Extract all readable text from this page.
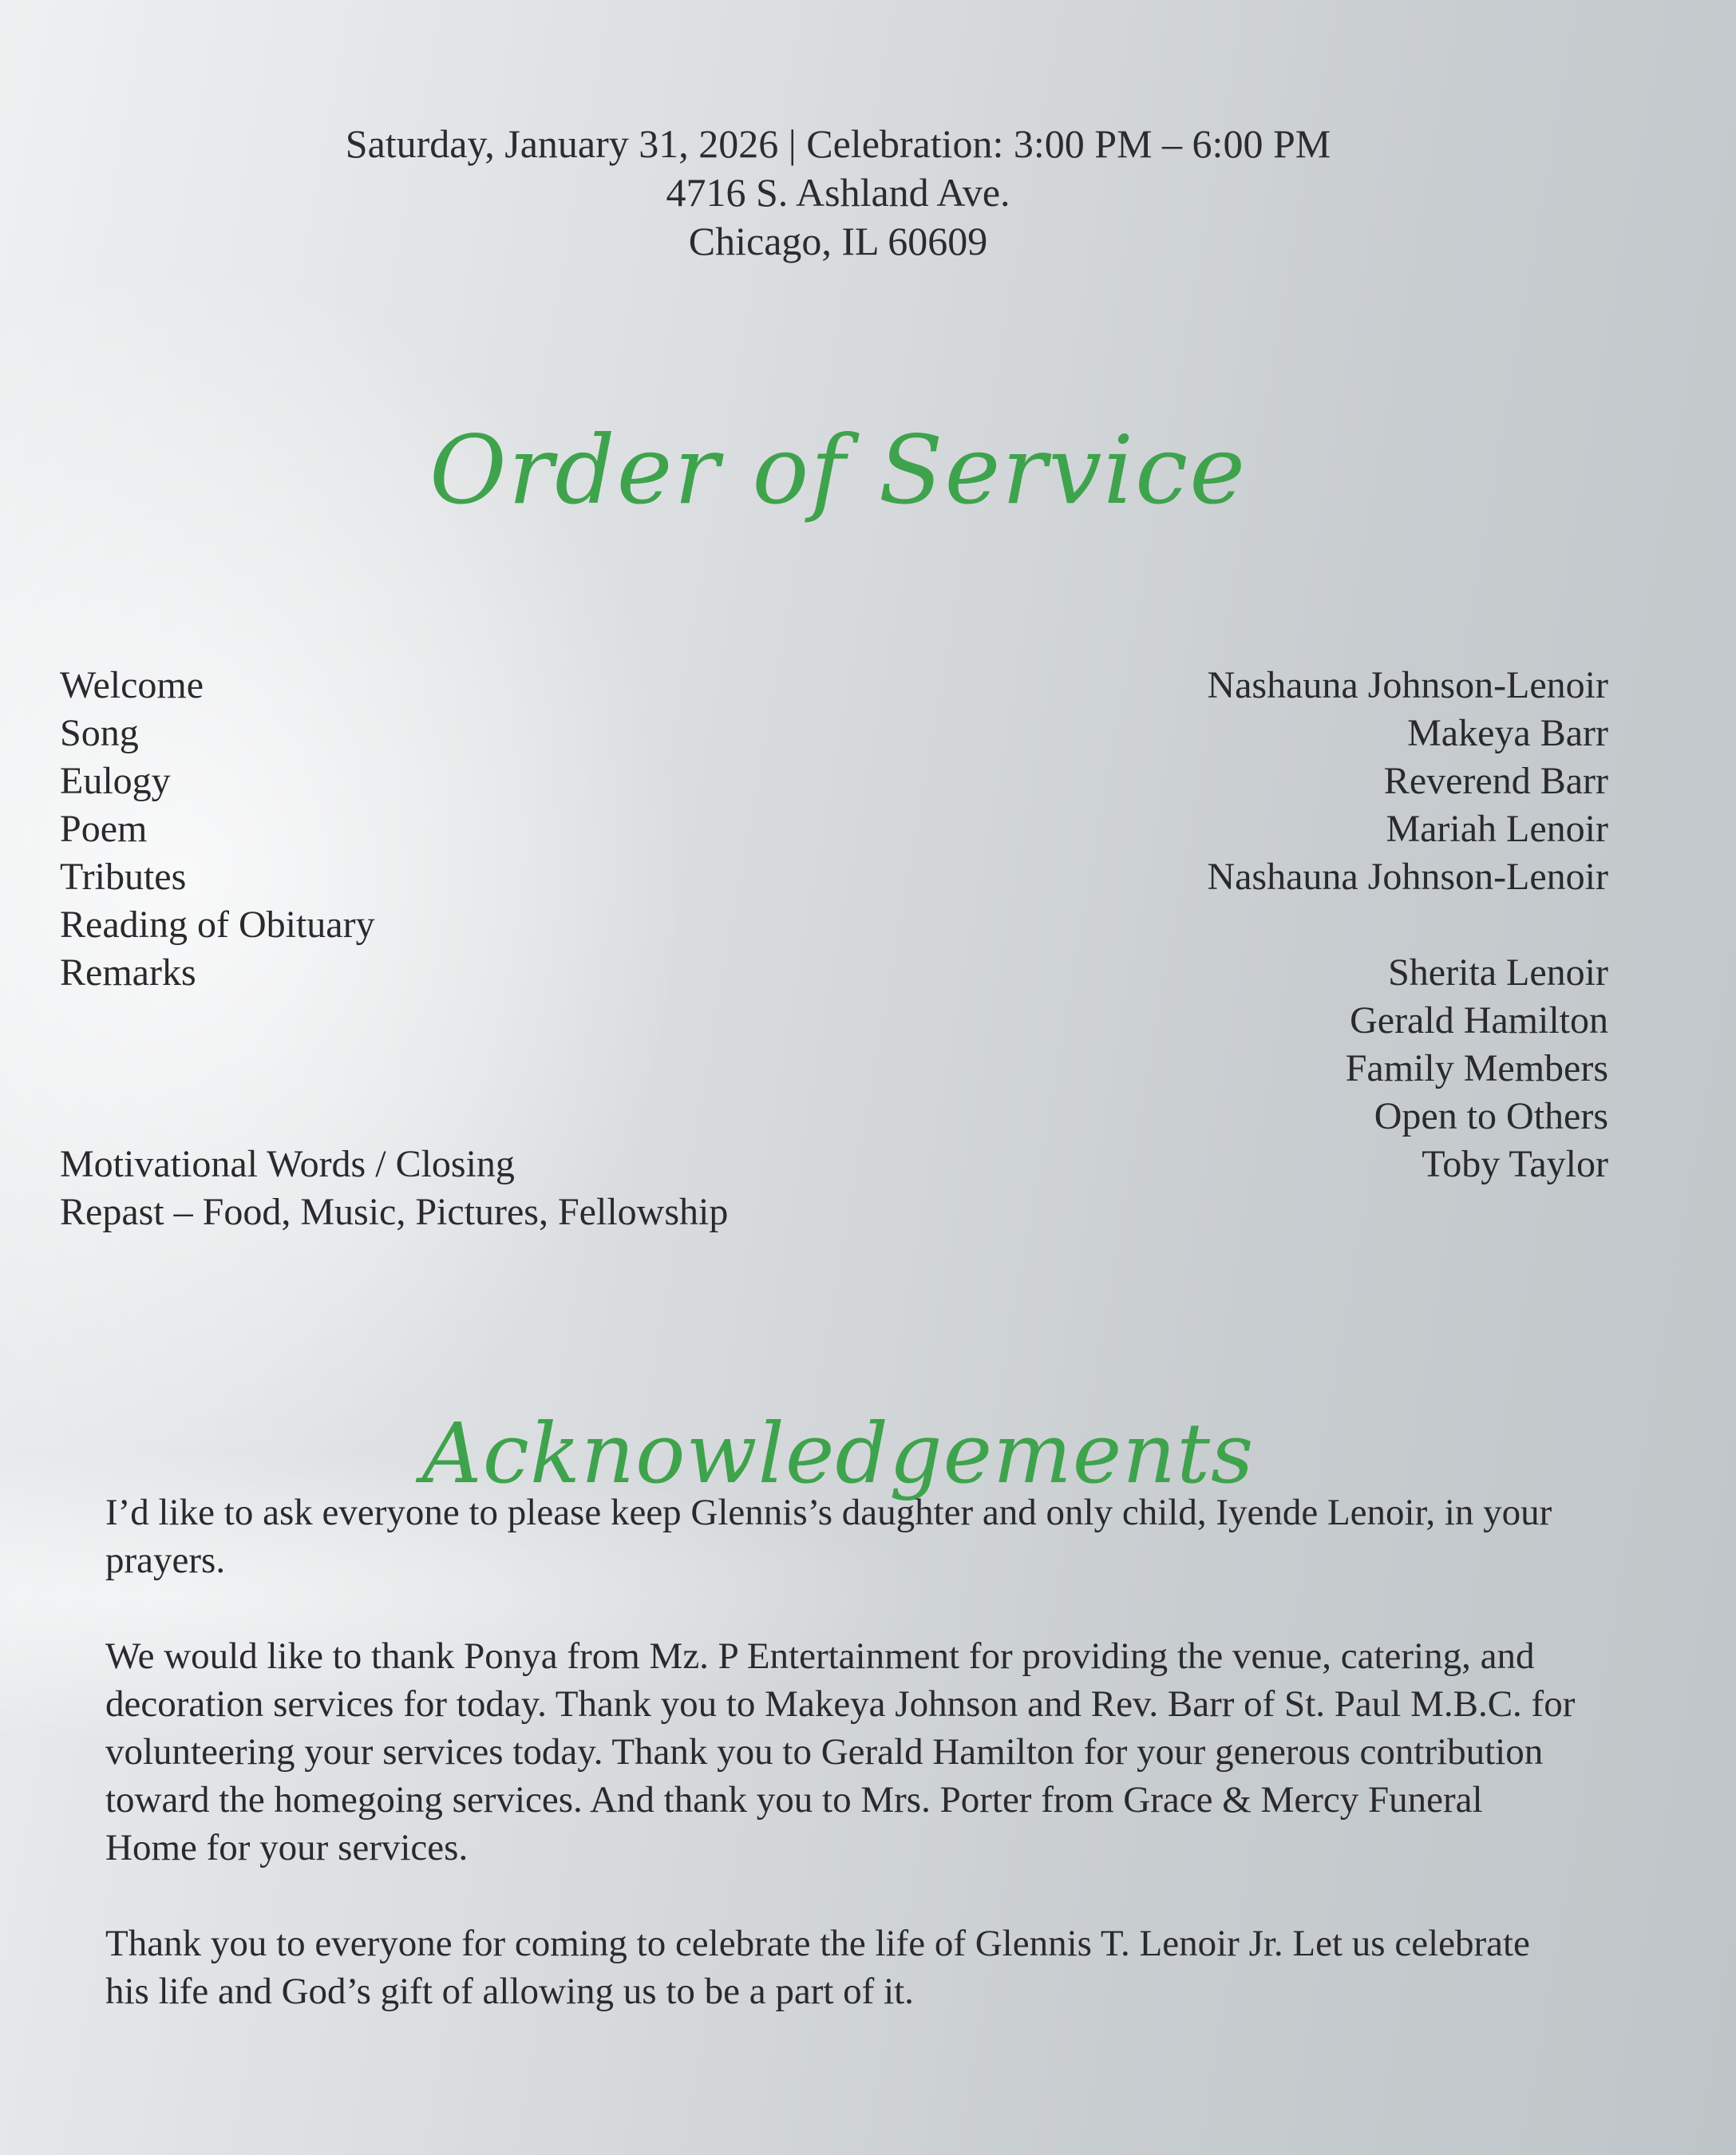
Saturday, January 31, 2026 | Celebration: 3:00 PM – 6:00 PM
4716 S. Ashland Ave.
Chicago, IL 60609
Order of Service
Welcome	Nashauna Johnson-Lenoir
Song	Makeya Barr
Eulogy	Reverend Barr
Poem	Mariah Lenoir
Tributes	Nashauna Johnson-Lenoir
Reading of Obituary
Remarks	Sherita Lenoir
Gerald Hamilton
Family Members
Open to Others
Motivational Words / Closing	Toby Taylor
Repast – Food, Music, Pictures, Fellowship
Acknowledgements

I’d like to ask everyone to please keep Glennis’s daughter and only child, Iyende Lenoir, in your prayers.

We would like to thank Ponya from Mz. P Entertainment for providing the venue, catering, and decoration services for today. Thank you to Makeya Johnson and Rev. Barr of St. Paul M.B.C. for volunteering your services today. Thank you to Gerald Hamilton for your generous contribution toward the homegoing services. And thank you to Mrs. Porter from Grace & Mercy Funeral Home for your services.

Thank you to everyone for coming to celebrate the life of Glennis T. Lenoir Jr. Let us celebrate his life and God’s gift of allowing us to be a part of it.
